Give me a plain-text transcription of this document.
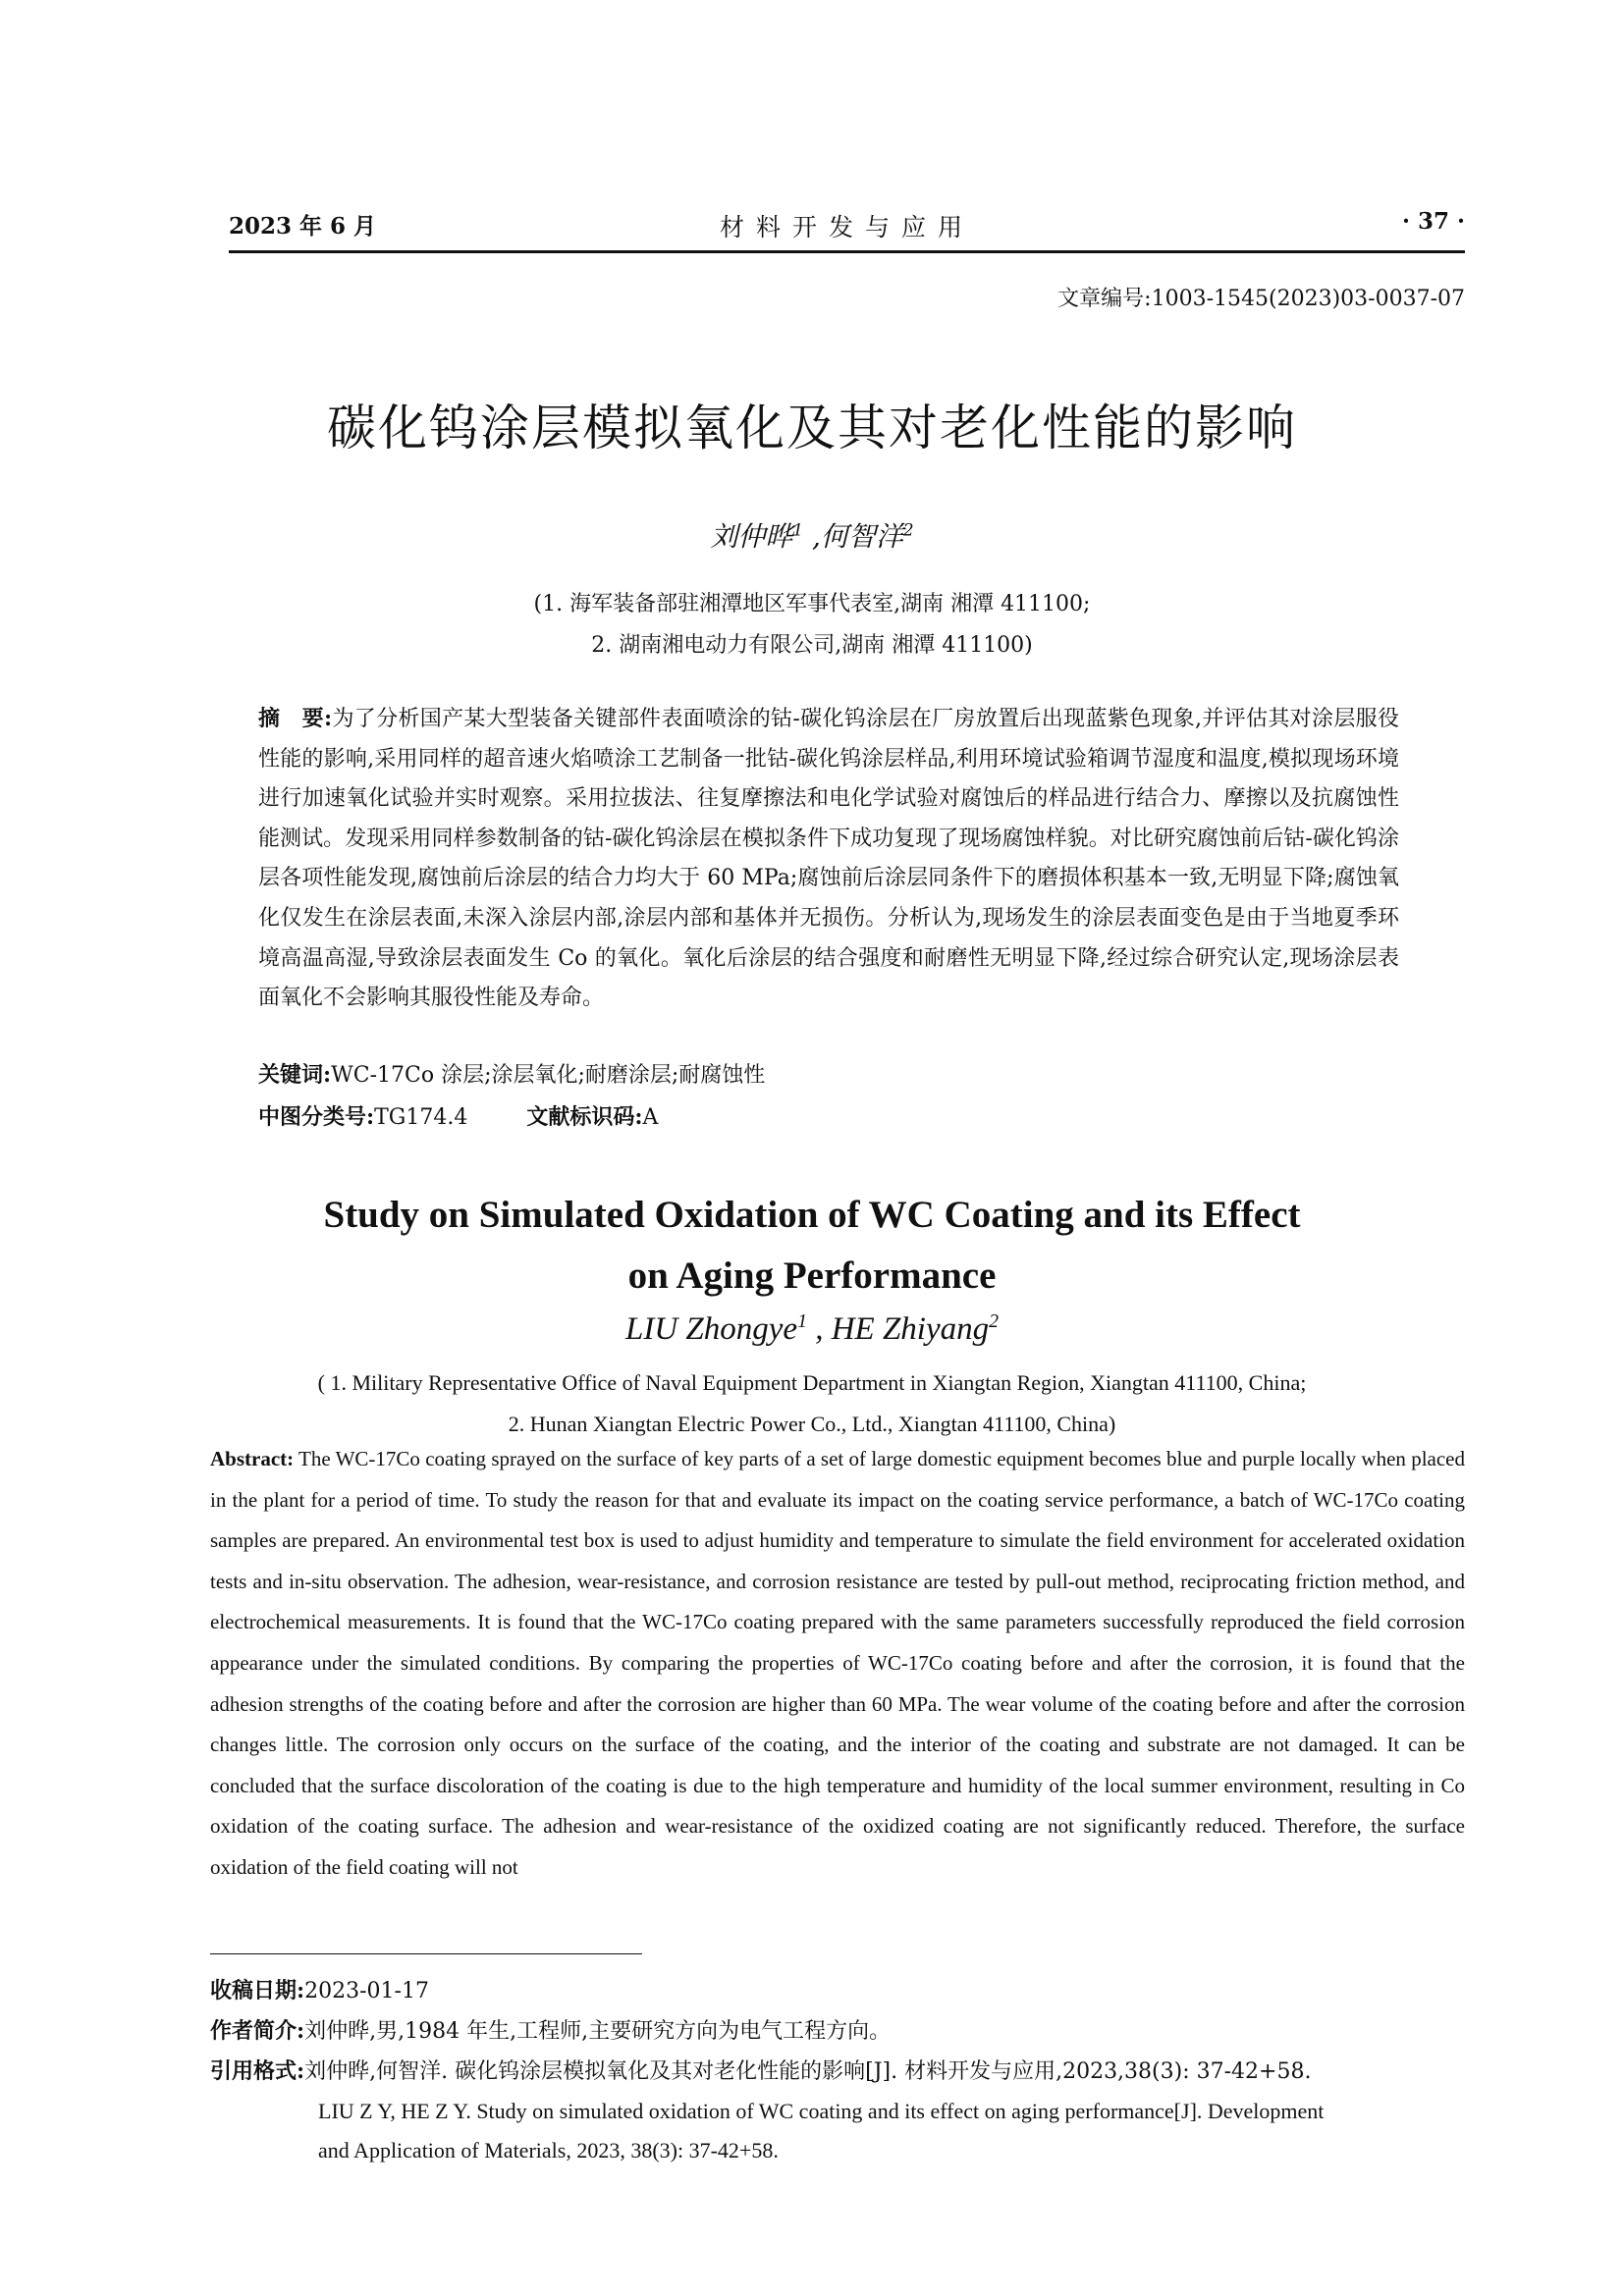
2023 年 6 月	材料开发与应用	· 37 ·
文章编号:1003-1545(2023)03-0037-07
碳化钨涂层模拟氧化及其对老化性能的影响
刘仲晔$^1$ ,何智洋$^2$
(1. 海军装备部驻湘潭地区军事代表室,湖南 湘潭 411100;
2. 湖南湘电动力有限公司,湖南 湘潭 411100)
摘　要:为了分析国产某大型装备关键部件表面喷涂的钴-碳化钨涂层在厂房放置后出现蓝紫色现象,并评估其对涂层服役性能的影响,采用同样的超音速火焰喷涂工艺制备一批钴-碳化钨涂层样品,利用环境试验箱调节湿度和温度,模拟现场环境进行加速氧化试验并实时观察。采用拉拔法、往复摩擦法和电化学试验对腐蚀后的样品进行结合力、摩擦以及抗腐蚀性能测试。发现采用同样参数制备的钴-碳化钨涂层在模拟条件下成功复现了现场腐蚀样貌。对比研究腐蚀前后钴-碳化钨涂层各项性能发现,腐蚀前后涂层的结合力均大于 60 MPa;腐蚀前后涂层同条件下的磨损体积基本一致,无明显下降;腐蚀氧化仅发生在涂层表面,未深入涂层内部,涂层内部和基体并无损伤。分析认为,现场发生的涂层表面变色是由于当地夏季环境高温高湿,导致涂层表面发生 Co 的氧化。氧化后涂层的结合强度和耐磨性无明显下降,经过综合研究认定,现场涂层表面氧化不会影响其服役性能及寿命。
关键词:WC-17Co 涂层;涂层氧化;耐磨涂层;耐腐蚀性
中图分类号:TG174.4	文献标识码:A
Study on Simulated Oxidation of WC Coating and its Effect
on Aging Performance
LIU Zhongye$^1$ , HE Zhiyang$^2$
( 1. Military Representative Office of Naval Equipment Department in Xiangtan Region, Xiangtan 411100, China;
2. Hunan Xiangtan Electric Power Co., Ltd., Xiangtan 411100, China)
Abstract: The WC-17Co coating sprayed on the surface of key parts of a set of large domestic equipment becomes blue and purple locally when placed in the plant for a period of time. To study the reason for that and evaluate its impact on the coating service performance, a batch of WC-17Co coating samples are prepared. An environmental test box is used to adjust humidity and temperature to simulate the field environment for accelerated oxidation tests and in-situ observation. The adhesion, wear-resistance, and corrosion resistance are tested by pull-out method, reciprocating friction method, and electrochemical measurements. It is found that the WC-17Co coating prepared with the same parameters successfully reproduced the field corrosion appearance under the simulated conditions. By comparing the properties of WC-17Co coating before and after the corrosion, it is found that the adhesion strengths of the coating before and after the corrosion are higher than 60 MPa. The wear volume of the coating before and after the corrosion changes little. The corrosion only occurs on the surface of the coating, and the interior of the coating and substrate are not damaged. It can be concluded that the surface discoloration of the coating is due to the high temperature and humidity of the local summer environment, resulting in Co oxidation of the coating surface. The adhesion and wear-resistance of the oxidized coating are not significantly reduced. Therefore, the surface oxidation of the field coating will not
收稿日期:2023-01-17
作者简介:刘仲晔,男,1984 年生,工程师,主要研究方向为电气工程方向。
引用格式:刘仲晔,何智洋. 碳化钨涂层模拟氧化及其对老化性能的影响[J]. 材料开发与应用,2023,38(3): 37-42+58.
LIU Z Y, HE Z Y. Study on simulated oxidation of WC coating and its effect on aging performance[J]. Development
and Application of Materials, 2023, 38(3): 37-42+58.
